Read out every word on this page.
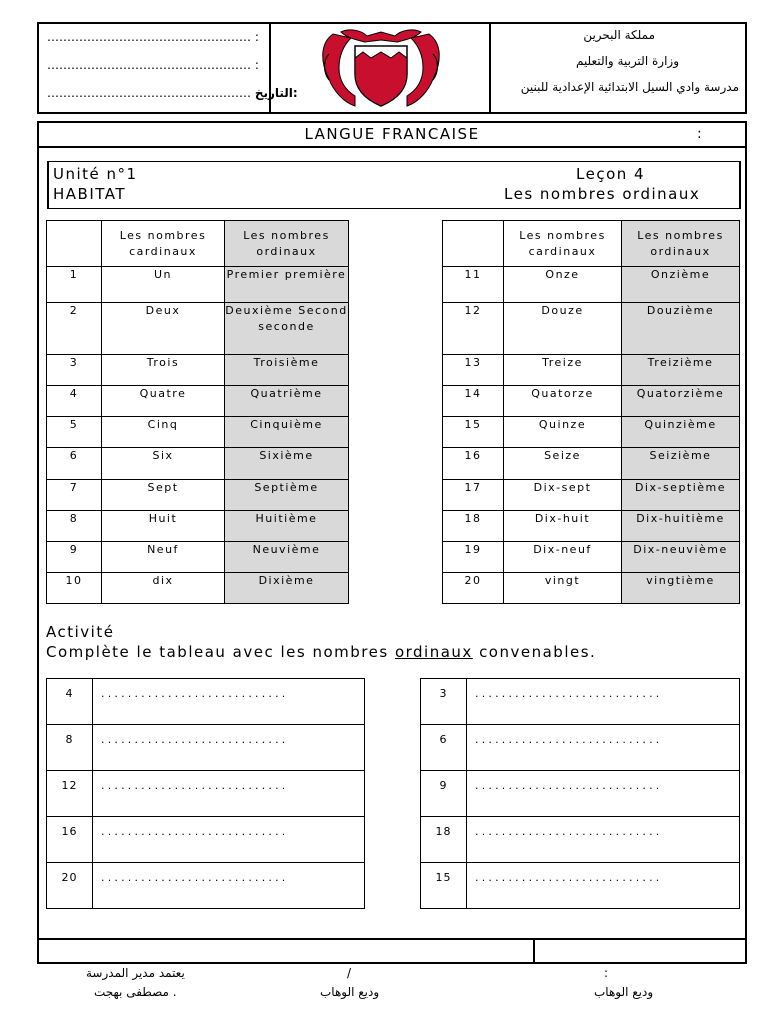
…………………………………………… :
…………………………………………… :
…………………………………………… التاريخ:
مملكة البحرين
وزارة التربية والتعليم
مدرسة وادي السيل الابتدائية الإعدادية للبنين
LANGUE FRANCAISE	:
Unité n°1
HABITAT
Leçon 4
Les nombres ordinaux
	Les nombres cardinaux	Les nombres ordinaux
1	Un	Premier première
2	Deux	Deuxième Second seconde
3	Trois	Troisième
4	Quatre	Quatrième
5	Cinq	Cinquième
6	Six	Sixième
7	Sept	Septième
8	Huit	Huitième
9	Neuf	Neuvième
10	dix	Dixième
	Les nombres cardinaux	Les nombres ordinaux
11	Onze	Onzième
12	Douze	Douzième
13	Treize	Treizième
14	Quatorze	Quatorzième
15	Quinze	Quinzième
16	Seize	Seizième
17	Dix-sept	Dix-septième
18	Dix-huit	Dix-huitième
19	Dix-neuf	Dix-neuvième
20	vingt	vingtième
Activité
Complète le tableau avec les nombres ordinaux convenables.
4	............................
8	............................
12	............................
16	............................
20	............................
3	............................
6	............................
9	............................
18	............................
15	............................
يعتمد مدير المدرسة
. مصطفى بهجت
/
وديع الوهاب
:
وديع الوهاب
